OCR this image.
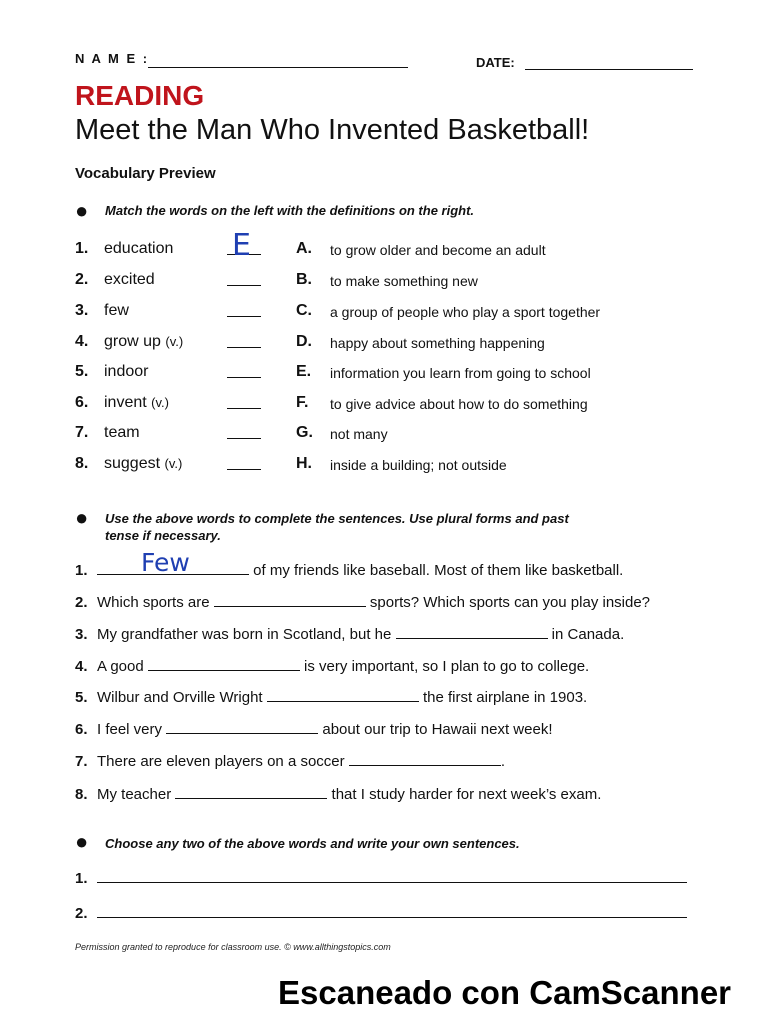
N A M E :	DATE:
READING
Meet the Man Who Invented Basketball!
Vocabulary Preview
● Match the words on the left with the definitions on the right.
1. education	A. to grow older and become an adult
2. excited	B. to make something new
3. few	C. a group of people who play a sport together
4. grow up (v.)	D. happy about something happening
5. indoor	E. information you learn from going to school
6. invent (v.)	F. to give advice about how to do something
7. team	G. not many
8. suggest (v.)	H. inside a building; not outside
E
● Use the above words to complete the sentences. Use plural forms and past
tense if necessary.
1.	of my friends like baseball. Most of them like basketball.
2. Which sports are	sports? Which sports can you play inside?
3. My grandfather was born in Scotland, but he	in Canada.
4. A good	is very important, so I plan to go to college.
5. Wilbur and Orville Wright	the first airplane in 1903.
6. I feel very	about our trip to Hawaii next week!
7. There are eleven players on a soccer	.
8. My teacher	that I study harder for next week’s exam.
Few
● Choose any two of the above words and write your own sentences.
1.
2.
Permission granted to reproduce for classroom use. © www.allthingstopics.com
Escaneado con CamScanner
